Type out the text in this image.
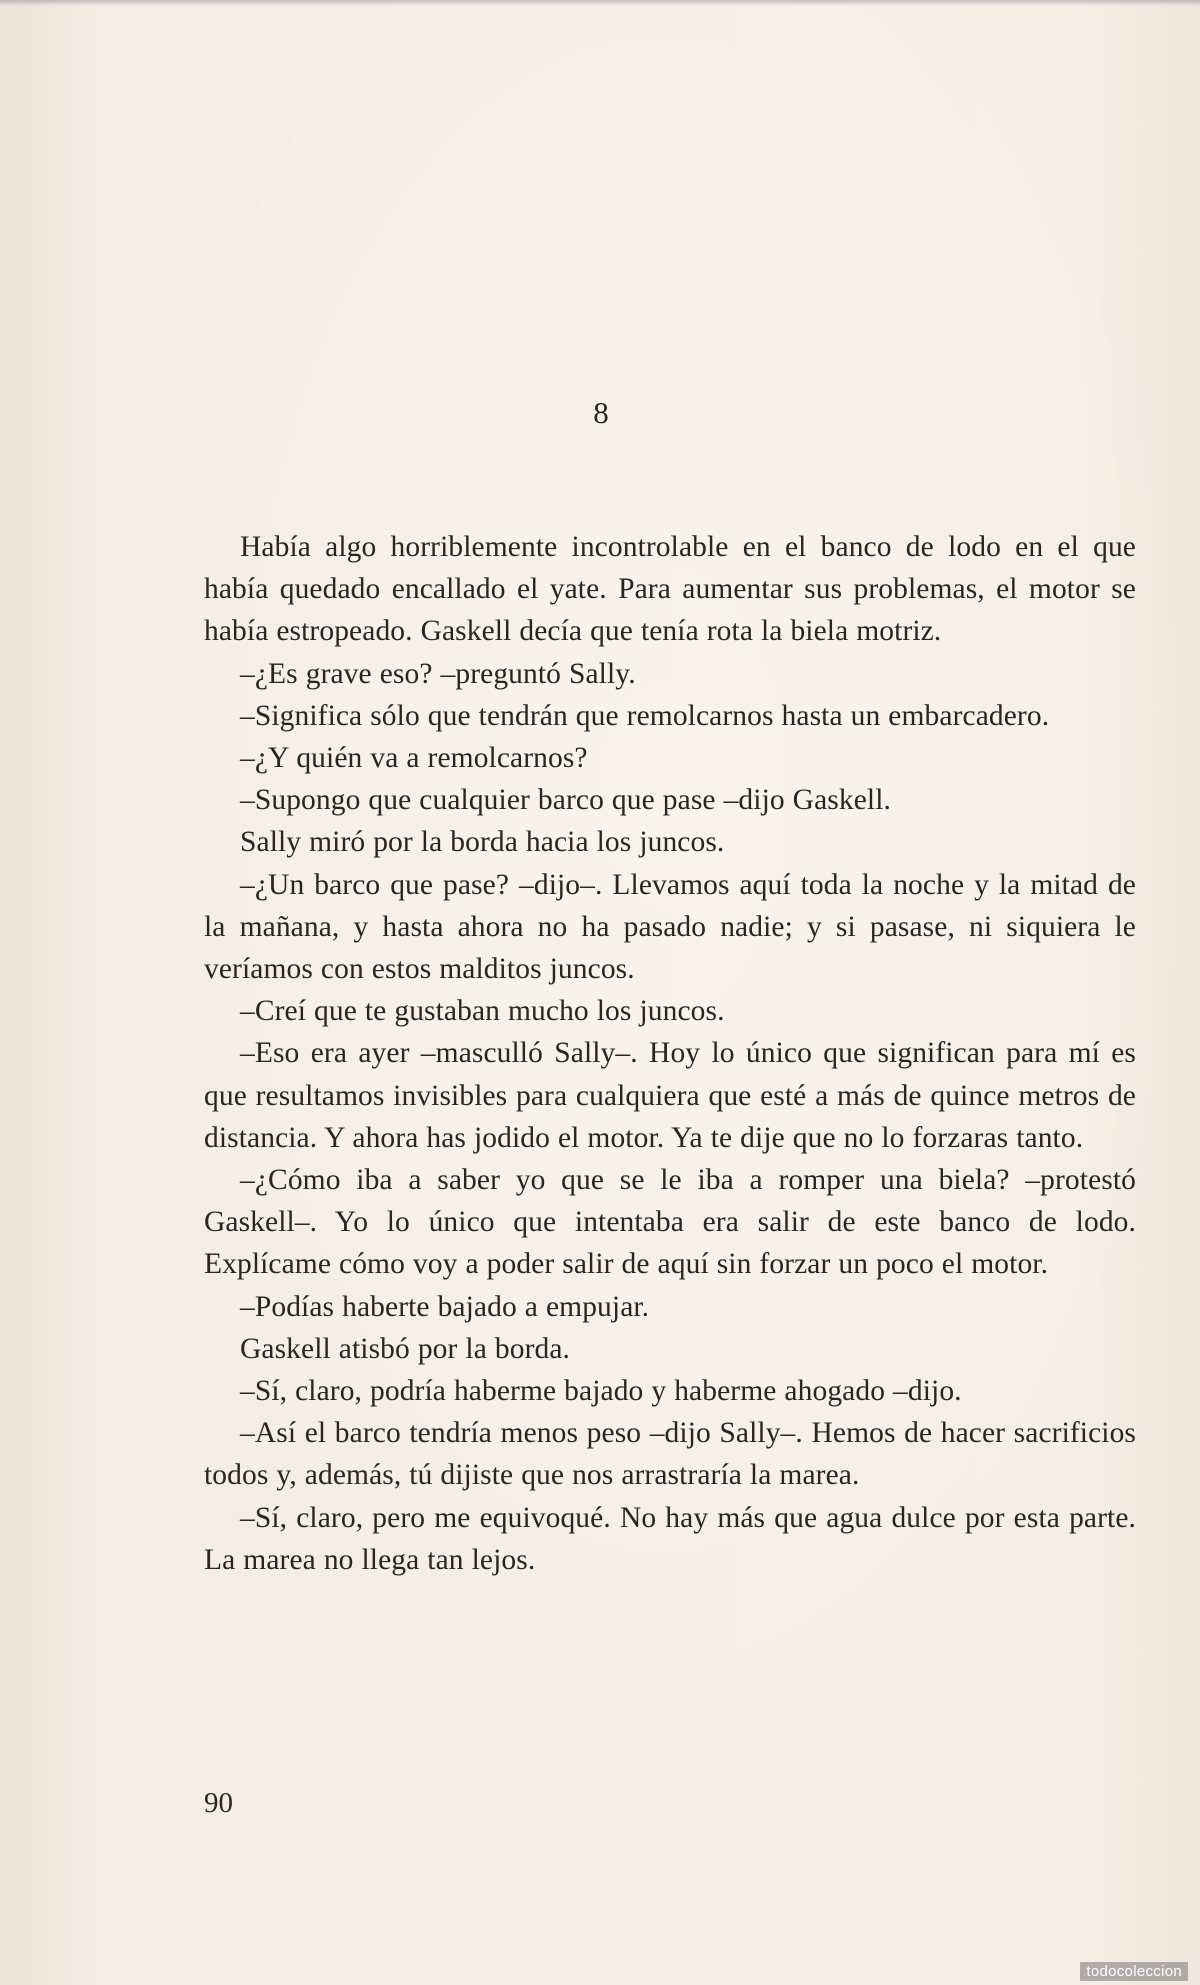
8

Había algo horriblemente incontrolable en el banco de lodo en el que había quedado encallado el yate. Para aumentar sus problemas, el motor se había estropeado. Gaskell decía que tenía rota la biela motriz.

–¿Es grave eso? –preguntó Sally.

–Significa sólo que tendrán que remolcarnos hasta un embarcadero.

–¿Y quién va a remolcarnos?

–Supongo que cualquier barco que pase –dijo Gaskell.

Sally miró por la borda hacia los juncos.

–¿Un barco que pase? –dijo–. Llevamos aquí toda la noche y la mitad de la mañana, y hasta ahora no ha pasado nadie; y si pasase, ni siquiera le veríamos con estos malditos juncos.

–Creí que te gustaban mucho los juncos.

–Eso era ayer –masculló Sally–. Hoy lo único que significan para mí es que resultamos invisibles para cualquiera que esté a más de quince metros de distancia. Y ahora has jodido el motor. Ya te dije que no lo forzaras tanto.

–¿Cómo iba a saber yo que se le iba a romper una biela? –protestó Gaskell–. Yo lo único que intentaba era salir de este banco de lodo. Explícame cómo voy a poder salir de aquí sin forzar un poco el motor.

–Podías haberte bajado a empujar.

Gaskell atisbó por la borda.

–Sí, claro, podría haberme bajado y haberme ahogado –dijo.

–Así el barco tendría menos peso –dijo Sally–. Hemos de hacer sacrificios todos y, además, tú dijiste que nos arrastraría la marea.

–Sí, claro, pero me equivoqué. No hay más que agua dulce por esta parte. La marea no llega tan lejos.

90
todocoleccion
